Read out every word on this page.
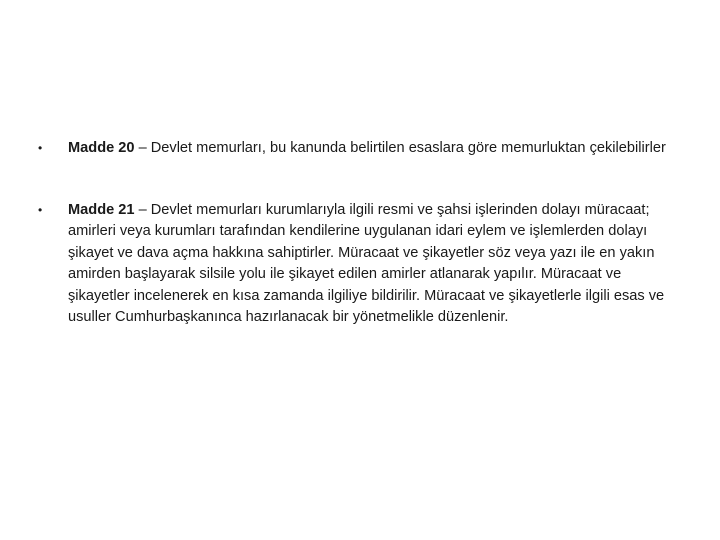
• Madde 20 – Devlet memurları, bu kanunda belirtilen esaslara göre memurluktan çekilebilirler
• Madde 21 – Devlet memurları kurumlarıyla ilgili resmi ve şahsi işlerinden dolayı müracaat; amirleri veya kurumları tarafından kendilerine uygulanan idari eylem ve işlemlerden dolayı şikayet ve dava açma hakkına sahiptirler. Müracaat ve şikayetler söz veya yazı ile en yakın amirden başlayarak silsile yolu ile şikayet edilen amirler atlanarak yapılır. Müracaat ve şikayetler incelenerek en kısa zamanda ilgiliye bildirilir. Müracaat ve şikayetlerle ilgili esas ve usuller Cumhurbaşkanınca hazırlanacak bir yönetmelikle düzenlenir.
